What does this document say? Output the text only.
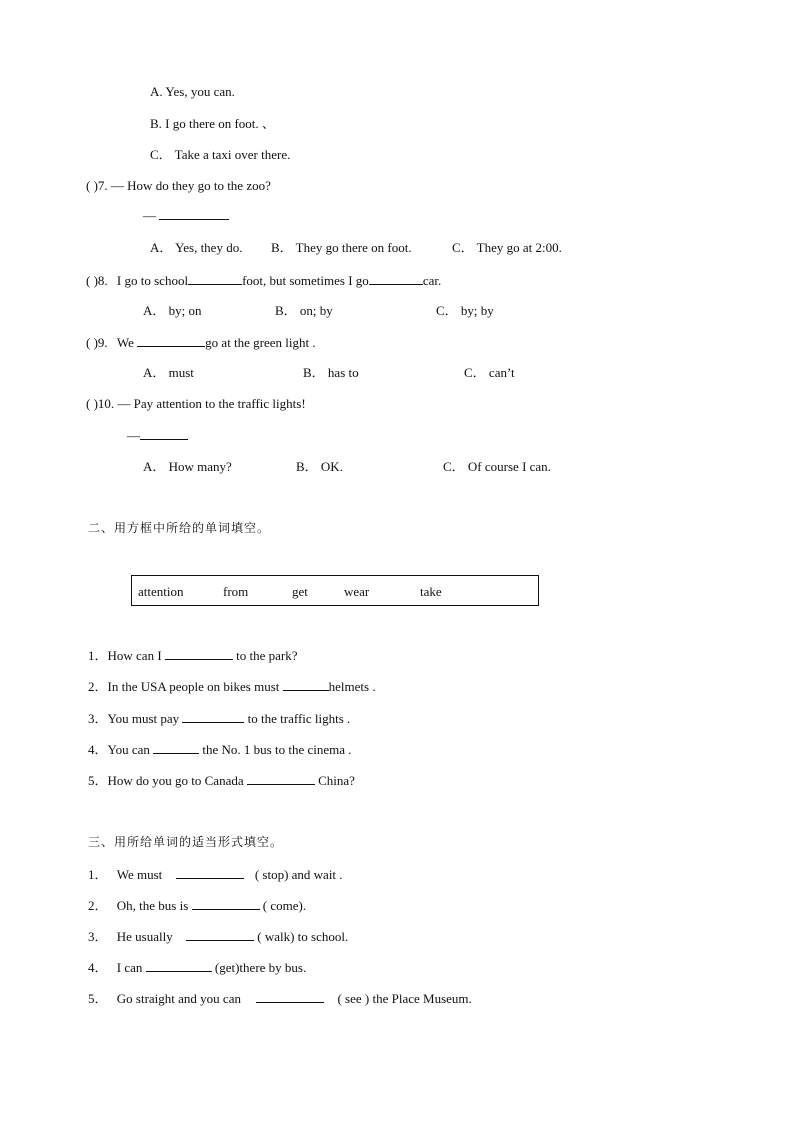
A. Yes, you can.
B. I go there on foot. 、
C． Take a taxi over there.
( )7. — How do they go to the zoo?
—
A． Yes, they do. B． They go there on foot.	C． They go at 2:00.
( )8. I go to school	foot, but sometimes I go	car.
A． by; on	B． on; by	C． by; by
( )9. We	go at the green light .
A． must	B． has to	C． can’t
( )10. — Pay attention to the traffic lights!
—
A． How many?	B． OK.	C． Of course I can.
二、用方框中所给的单词填空。
attention	from	get	wear	take
1．How can I	to the park?
2．In the USA people on bikes must	helmets .
3．You must pay	to the traffic lights .
4．You can	the No. 1 bus to the cinema .
5．How do you go to Canada	China?
三、用所给单词的适当形式填空。
1． We must	( stop) and wait .
2． Oh, the bus is	( come).
3． He usually	( walk) to school.
4． I can	(get)there by bus.
5． Go straight and you can	( see ) the Place Museum.
